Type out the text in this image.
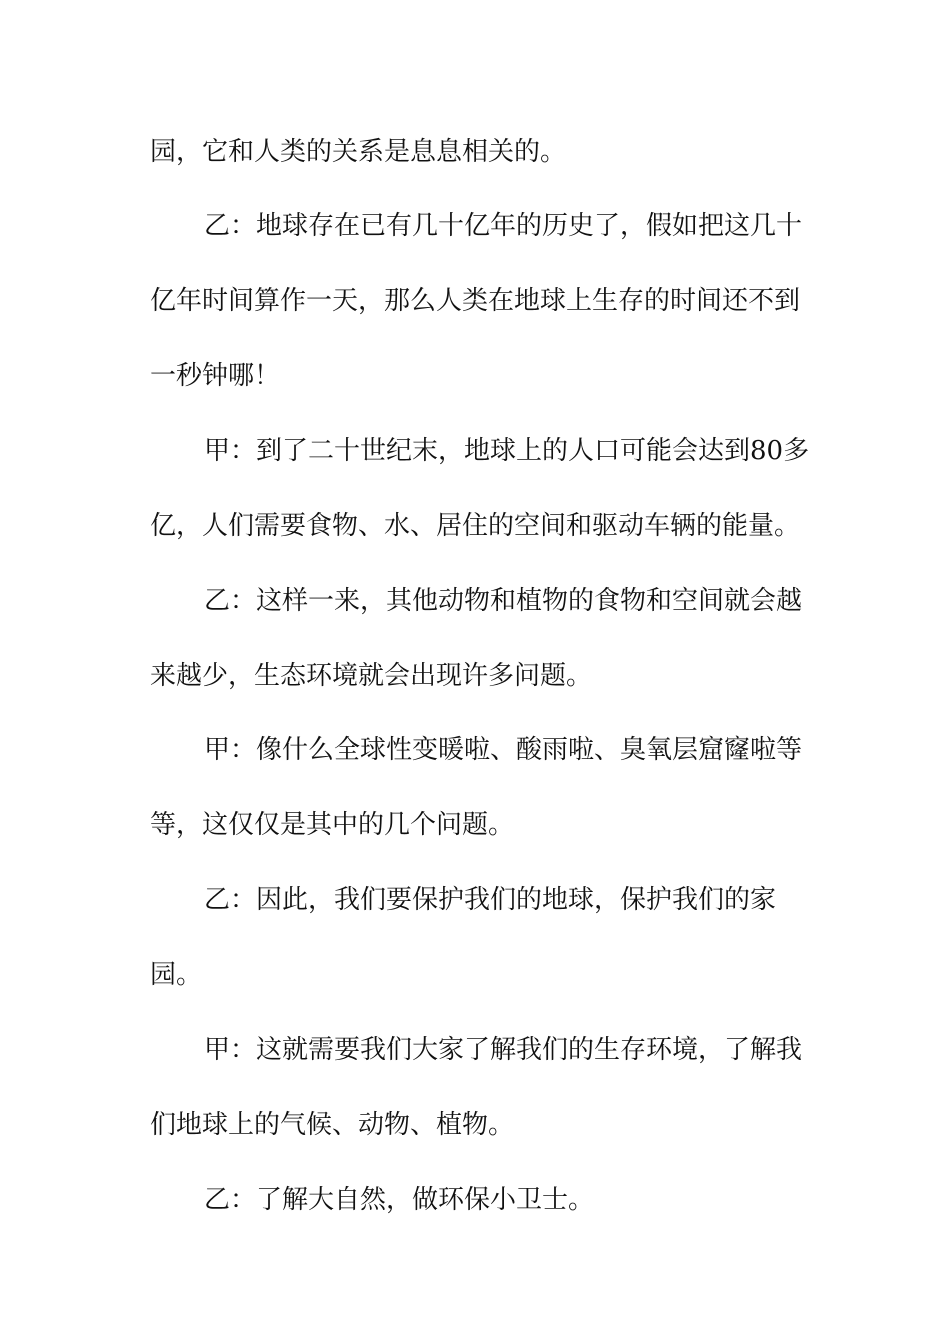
园，它和人类的关系是息息相关的。
乙：地球存在已有几十亿年的历史了，假如把这几十
亿年时间算作一天，那么人类在地球上生存的时间还不到
一秒钟哪！
甲：到了二十世纪末，地球上的人口可能会达到80多
亿，人们需要食物、水、居住的空间和驱动车辆的能量。
乙：这样一来，其他动物和植物的食物和空间就会越
来越少，生态环境就会出现许多问题。
甲：像什么全球性变暖啦、酸雨啦、臭氧层窟窿啦等
等，这仅仅是其中的几个问题。
乙：因此，我们要保护我们的地球，保护我们的家
园。
甲：这就需要我们大家了解我们的生存环境，了解我
们地球上的气候、动物、植物。
乙：了解大自然，做环保小卫士。
